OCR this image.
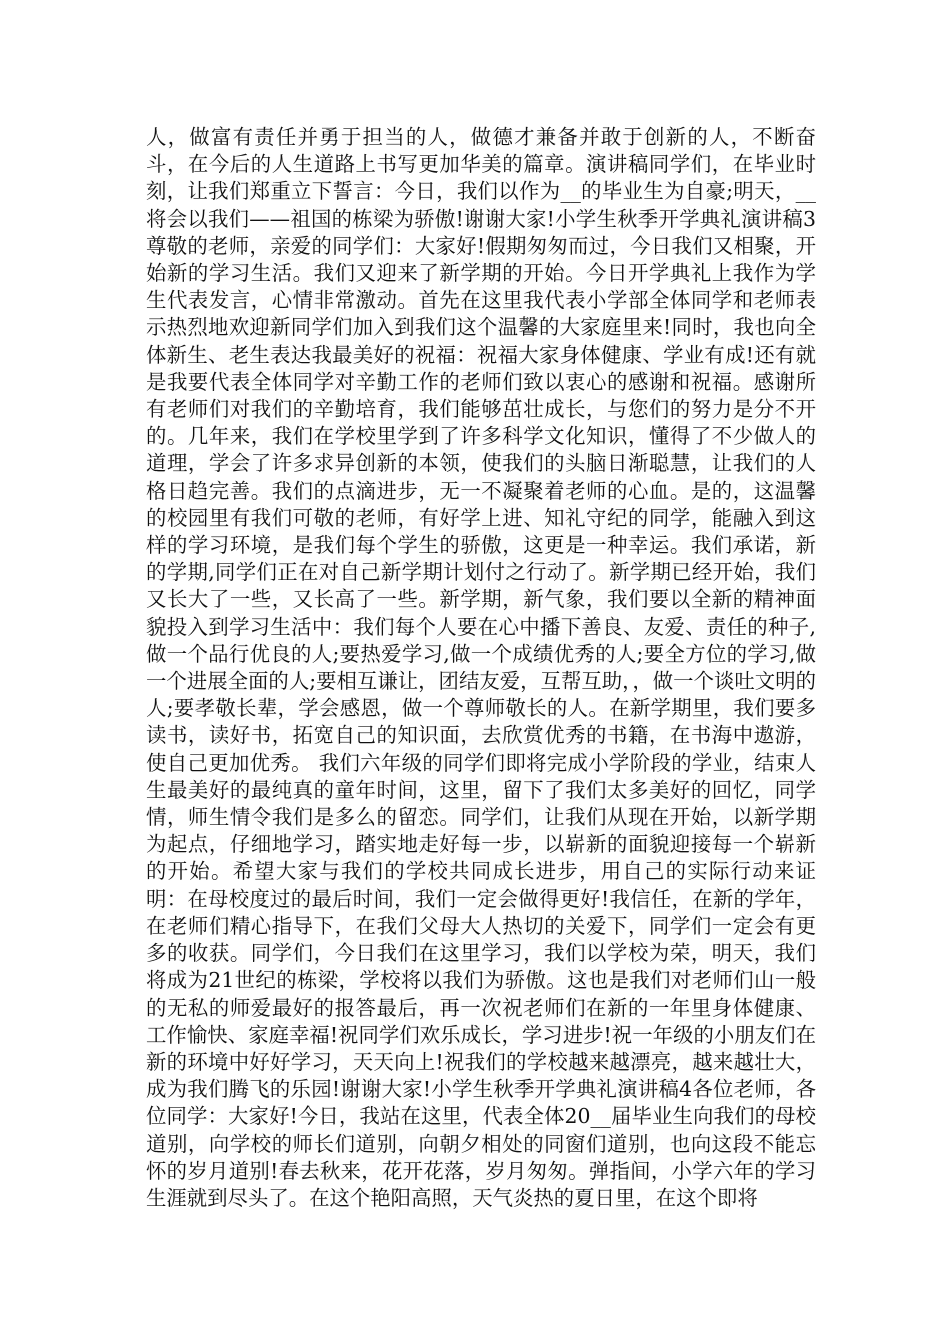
人，做富有责任并勇于担当的人，做德才兼备并敢于创新的人，不断奋斗，在今后的人生道路上书写更加华美的篇章。演讲稿同学们，在毕业时刻，让我们郑重立下誓言：今日，我们以作为__的毕业生为自豪;明天，__将会以我们——祖国的栋梁为骄傲!谢谢大家!小学生秋季开学典礼演讲稿3尊敬的老师，亲爱的同学们：大家好!假期匆匆而过，今日我们又相聚，开始新的学习生活。我们又迎来了新学期的开始。今日开学典礼上我作为学生代表发言，心情非常激动。首先在这里我代表小学部全体同学和老师表示热烈地欢迎新同学们加入到我们这个温馨的大家庭里来!同时，我也向全体新生、老生表达我最美好的祝福：祝福大家身体健康、学业有成!还有就是我要代表全体同学对辛勤工作的老师们致以衷心的感谢和祝福。感谢所有老师们对我们的辛勤培育，我们能够茁壮成长，与您们的努力是分不开的。几年来，我们在学校里学到了许多科学文化知识，懂得了不少做人的道理，学会了许多求异创新的本领，使我们的头脑日渐聪慧，让我们的人格日趋完善。我们的点滴进步，无一不凝聚着老师的心血。是的，这温馨的校园里有我们可敬的老师，有好学上进、知礼守纪的同学，能融入到这样的学习环境，是我们每个学生的骄傲，这更是一种幸运。我们承诺，新的学期,同学们正在对自己新学期计划付之行动了。新学期已经开始，我们又长大了一些，又长高了一些。新学期，新气象，我们要以全新的精神面貌投入到学习生活中：我们每个人要在心中播下善良、友爱、责任的种子,做一个品行优良的人;要热爱学习,做一个成绩优秀的人;要全方位的学习,做一个进展全面的人;要相互谦让，团结友爱，互帮互助，，做一个谈吐文明的人;要孝敬长辈，学会感恩，做一个尊师敬长的人。在新学期里，我们要多读书，读好书，拓宽自己的知识面，去欣赏优秀的书籍，在书海中遨游，使自己更加优秀。 我们六年级的同学们即将完成小学阶段的学业，结束人生最美好的最纯真的童年时间，这里，留下了我们太多美好的回忆，同学情，师生情令我们是多么的留恋。同学们，让我们从现在开始，以新学期为起点，仔细地学习，踏实地走好每一步，以崭新的面貌迎接每一个崭新的开始。希望大家与我们的学校共同成长进步，用自己的实际行动来证明：在母校度过的最后时间，我们一定会做得更好!我信任，在新的学年，在老师们精心指导下，在我们父母大人热切的关爱下，同学们一定会有更多的收获。同学们，今日我们在这里学习，我们以学校为荣，明天，我们将成为21世纪的栋梁，学校将以我们为骄傲。这也是我们对老师们山一般的无私的师爱最好的报答最后，再一次祝老师们在新的一年里身体健康、工作愉快、家庭幸福!祝同学们欢乐成长，学习进步!祝一年级的小朋友们在新的环境中好好学习，天天向上!祝我们的学校越来越漂亮，越来越壮大，成为我们腾飞的乐园!谢谢大家!小学生秋季开学典礼演讲稿4各位老师，各位同学：大家好!今日，我站在这里，代表全体20__届毕业生向我们的母校道别，向学校的师长们道别，向朝夕相处的同窗们道别，也向这段不能忘怀的岁月道别!春去秋来，花开花落，岁月匆匆。弹指间，小学六年的学习生涯就到尽头了。在这个艳阳高照，天气炎热的夏日里，在这个即将
